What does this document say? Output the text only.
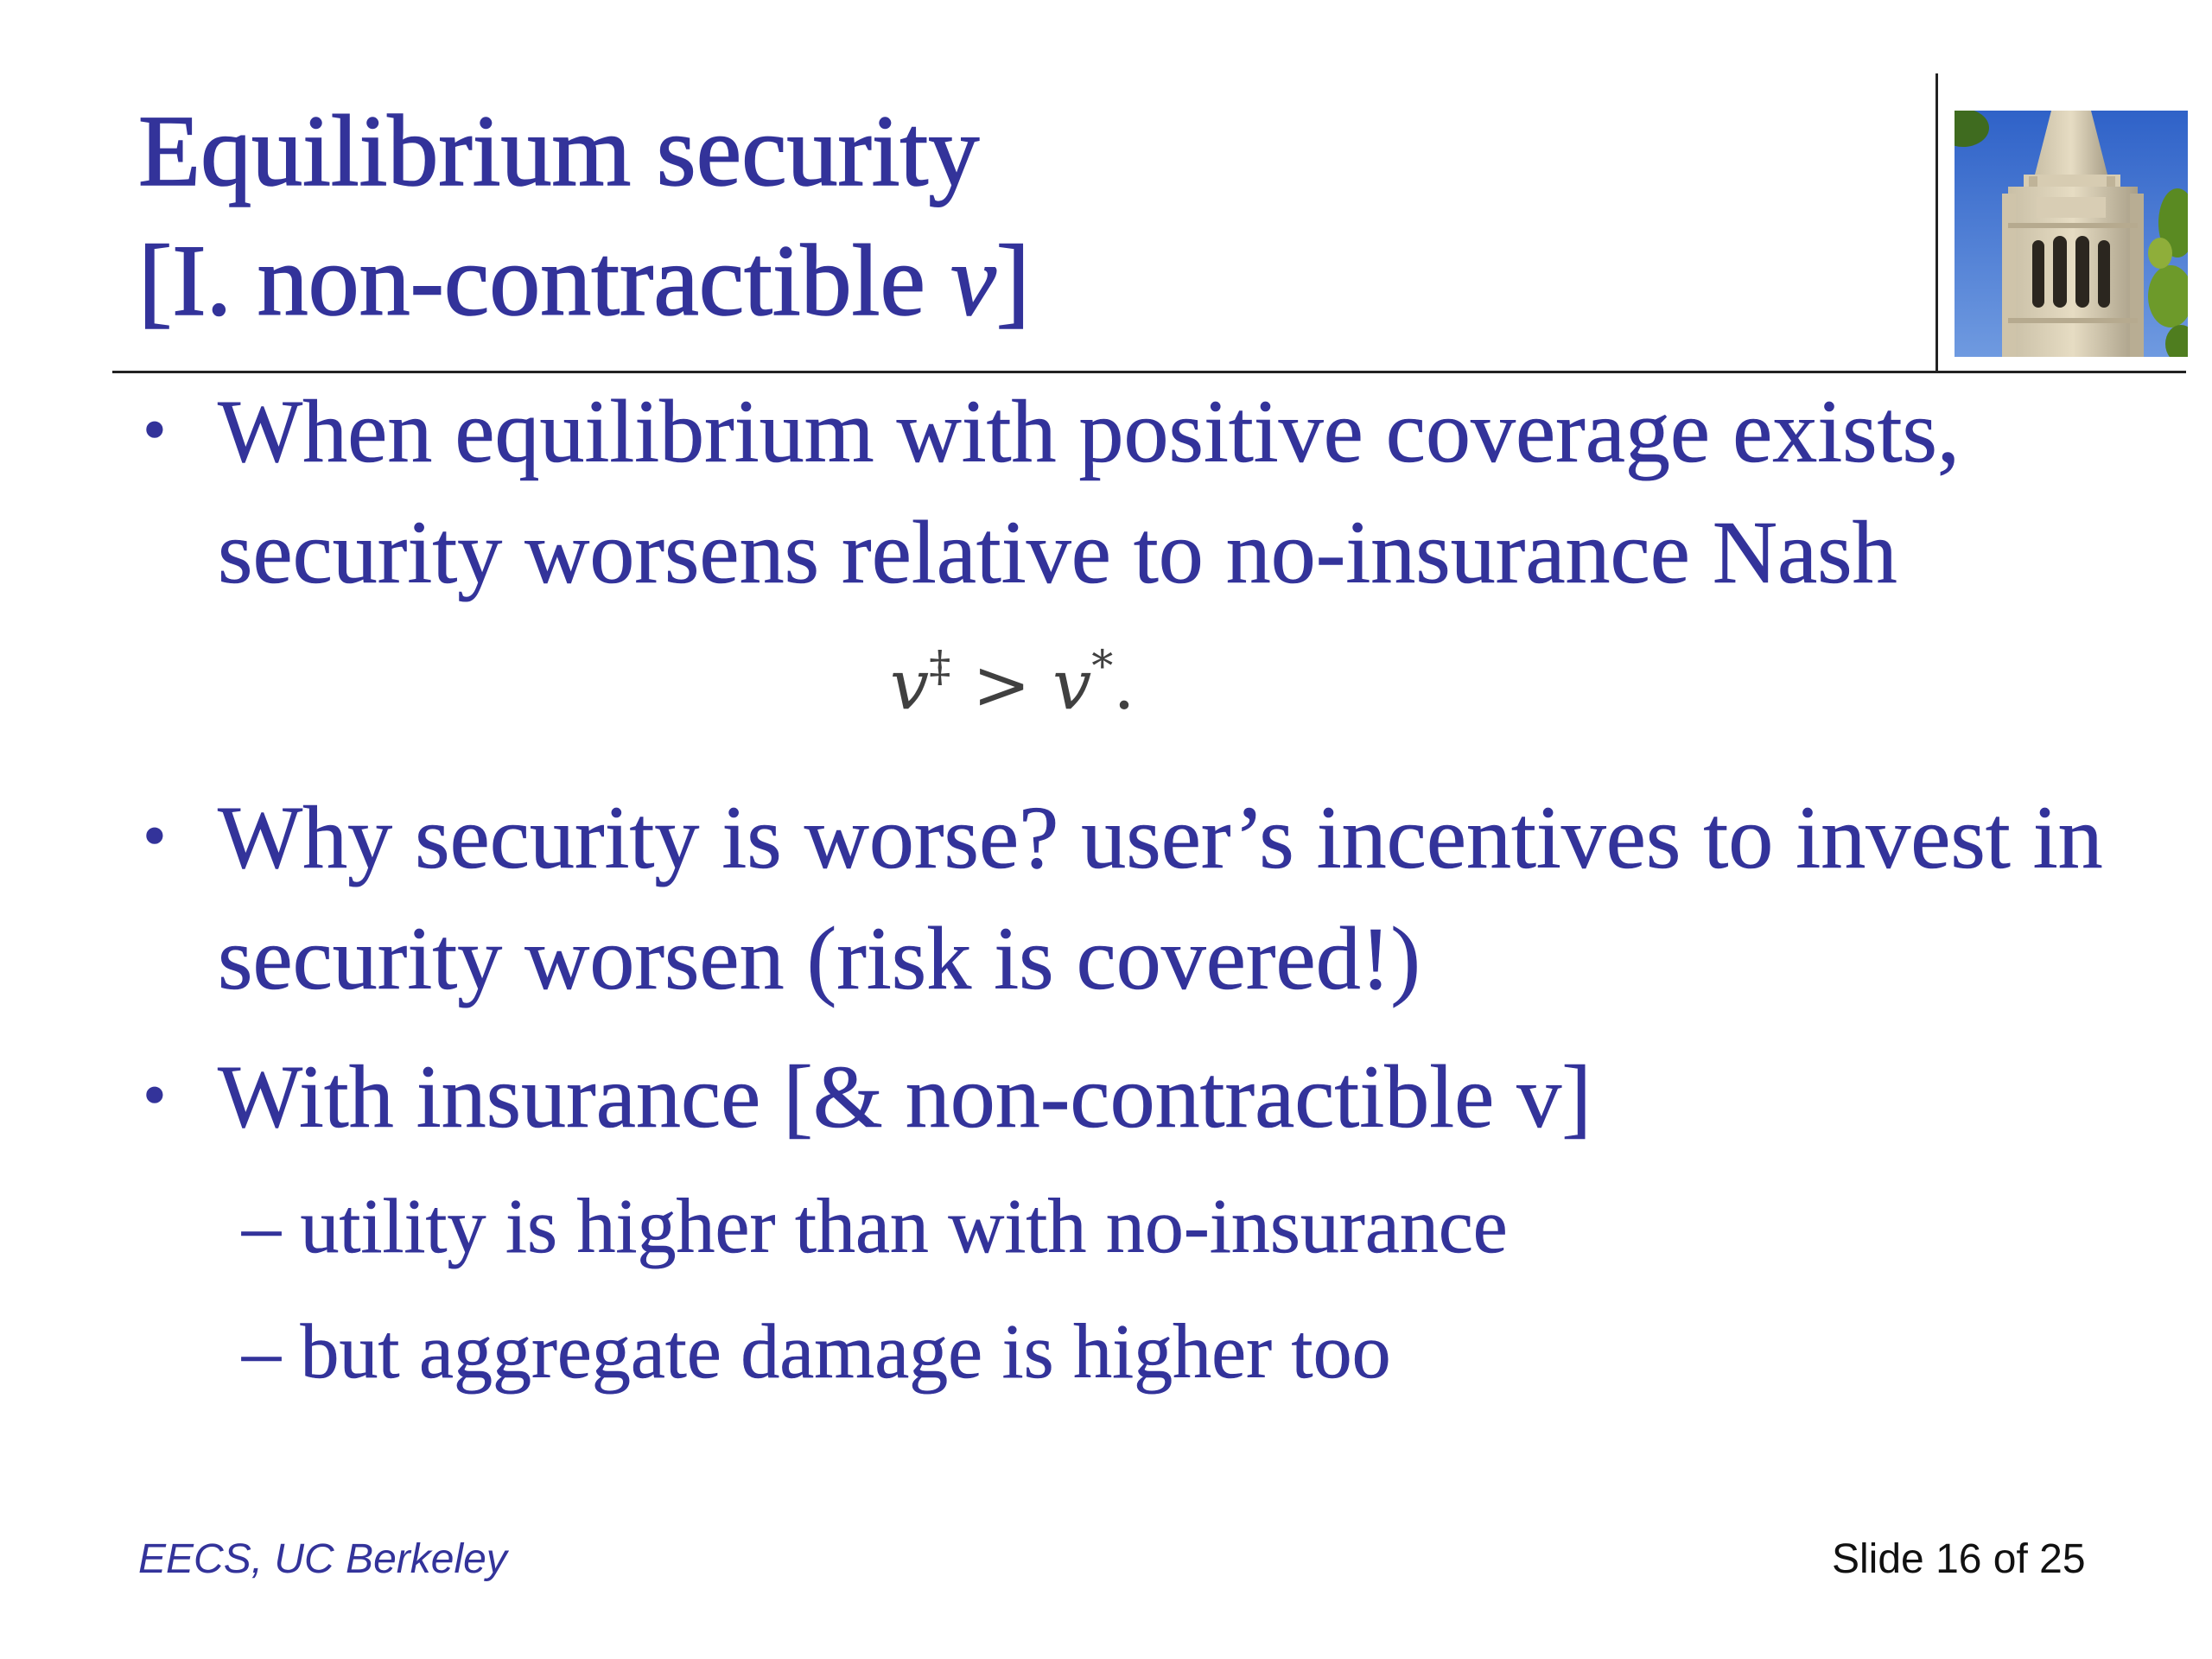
Equilibrium security
[I. non-contractible v]
• When equilibrium with positive coverage exists,
security worsens relative to no-insurance Nash
v‡ > v*.
• Why security is worse? user’s incentives to invest in
security worsen (risk is covered!)
• With insurance [& non-contractible v]
– utility is higher than with no-insurance
– but aggregate damage is higher too
EECS, UC Berkeley	Slide 16 of 25
